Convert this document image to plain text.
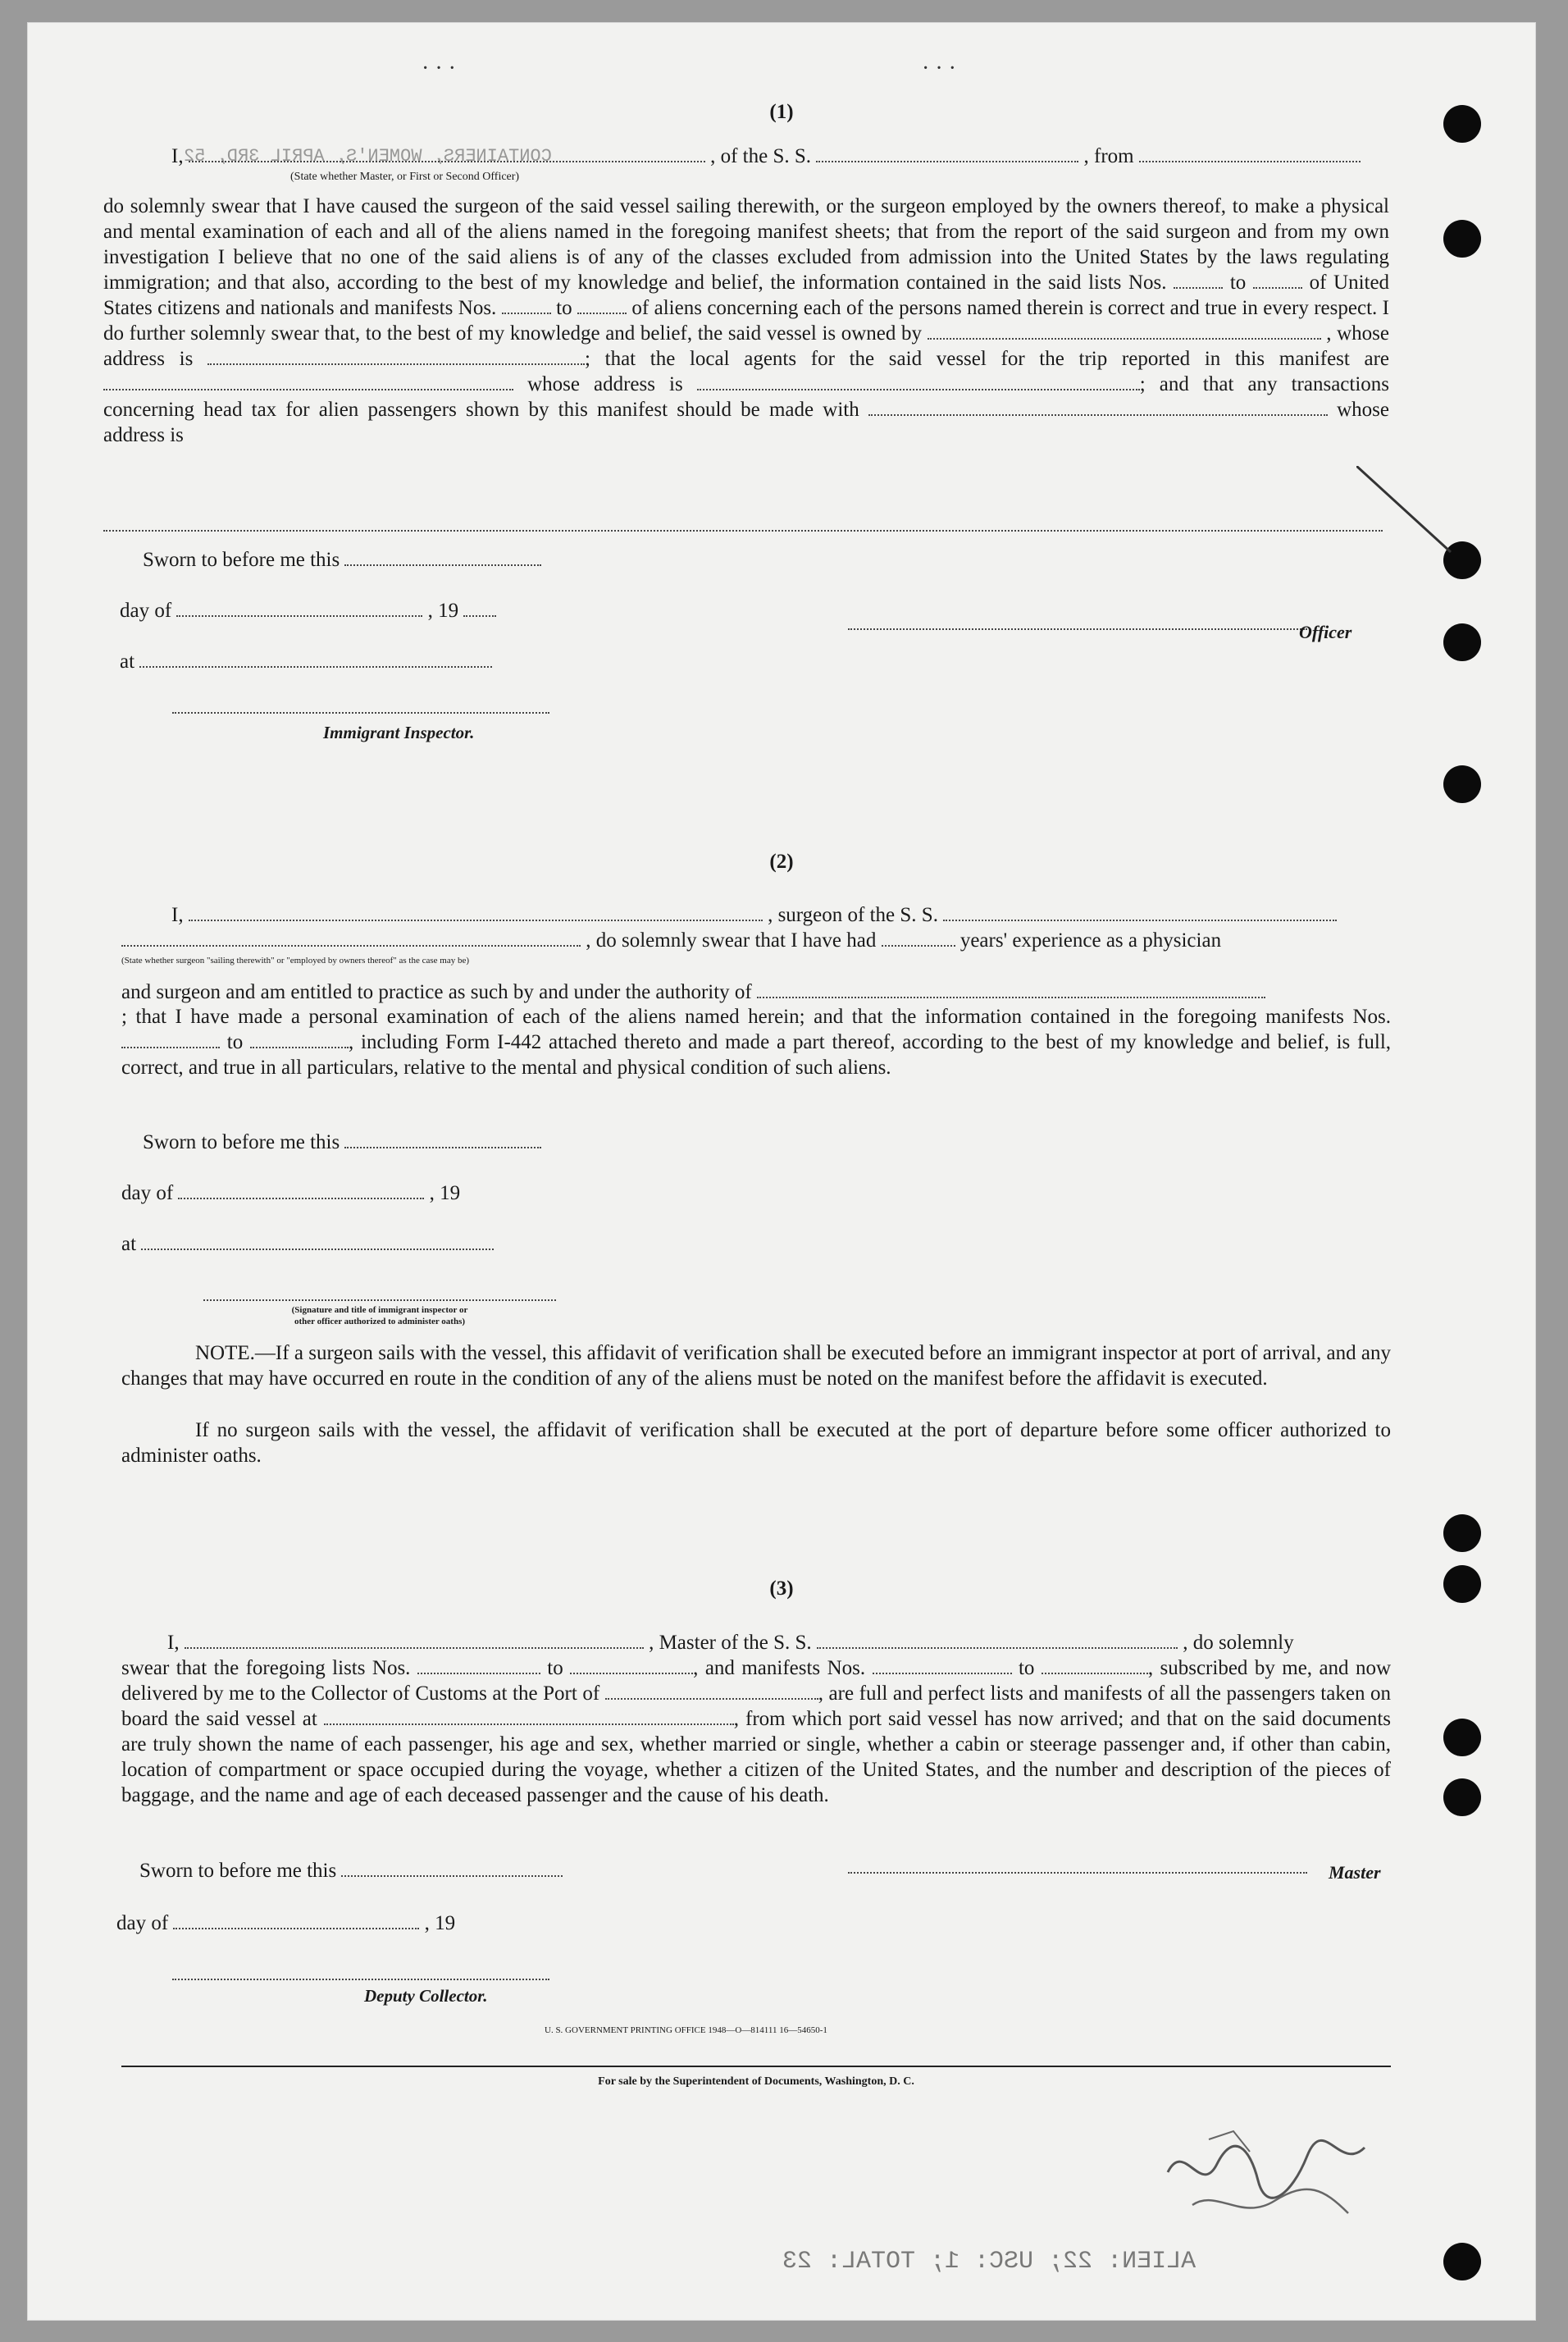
· · ·	· · ·
CONTAINERS, WOMEN'S, APRIL 3RD, 52
(1)
I,	, of the S. S.	, from
(State whether Master, or First or Second Officer)
do solemnly swear that I have caused the surgeon of the said vessel sailing therewith, or the surgeon employed by the owners thereof, to make a physical and mental examination of each and all of the aliens named in the foregoing manifest sheets; that from the report of the said surgeon and from my own investigation I believe that no one of the said aliens is of any of the classes excluded from admission into the United States by the laws regulating immigration; and that also, according to the best of my knowledge and belief, the information contained in the said lists Nos.	to	of United States citizens and nationals and manifests Nos.	to	of aliens concerning each of the persons named therein is correct and true in every respect. I do further solemnly swear that, to the best of my knowledge and belief, the said vessel is owned by	, whose address is	; that the local agents for the said vessel for the trip reported in this manifest are  whose address is	; and that any transactions concerning head tax for alien passengers shown by this manifest should be made with	whose address is
Sworn to before me this
day of	, 19
at
Officer
Immigrant Inspector.
(2)
I,	, surgeon of the S. S.
, do solemnly swear that I have had	years' experience as a physician
(State whether surgeon "sailing therewith" or "employed by owners thereof" as the case may be)
and surgeon and am entitled to practice as such by and under the authority of
; that I have made a personal examination of each of the aliens named herein; and that the information contained in the foregoing manifests Nos.  to	, including Form I-442 attached thereto and made a part thereof, according to the best of my knowledge and belief, is full, correct, and true in all particulars, relative to the mental and physical condition of such aliens.
Sworn to before me this
day of	, 19
at
(Signature and title of immigrant inspector or
other officer authorized to administer oaths)
NOTE.—If a surgeon sails with the vessel, this affidavit of verification shall be executed before an immigrant inspector at port of arrival, and any changes that may have occurred en route in the condition of any of the aliens must be noted on the manifest before the affidavit is executed.
If no surgeon sails with the vessel, the affidavit of verification shall be executed at the port of departure before some officer authorized to administer oaths.
(3)
I,	, Master of the S. S.	, do solemnly
swear that the foregoing lists Nos.	to	, and manifests Nos.	to	, subscribed by me, and now delivered by me to the Collector of Customs at the Port of	, are full and perfect lists and manifests of all the passengers taken on board the said vessel at	, from which port said vessel has now arrived; and that on the said documents are truly shown the name of each passenger, his age and sex, whether married or single, whether a cabin or steerage passenger and, if other than cabin, location of compartment or space occupied during the voyage, whether a citizen of the United States, and the number and description of the pieces of baggage, and the name and age of each deceased passenger and the cause of his death.
Master
Sworn to before me this
day of	, 19
Deputy Collector.
U. S. GOVERNMENT PRINTING OFFICE 1948—O—814111 16—54650-1
For sale by the Superintendent of Documents, Washington, D. C.
ALIEN: 22; USC: 1; TOTAL: 23
